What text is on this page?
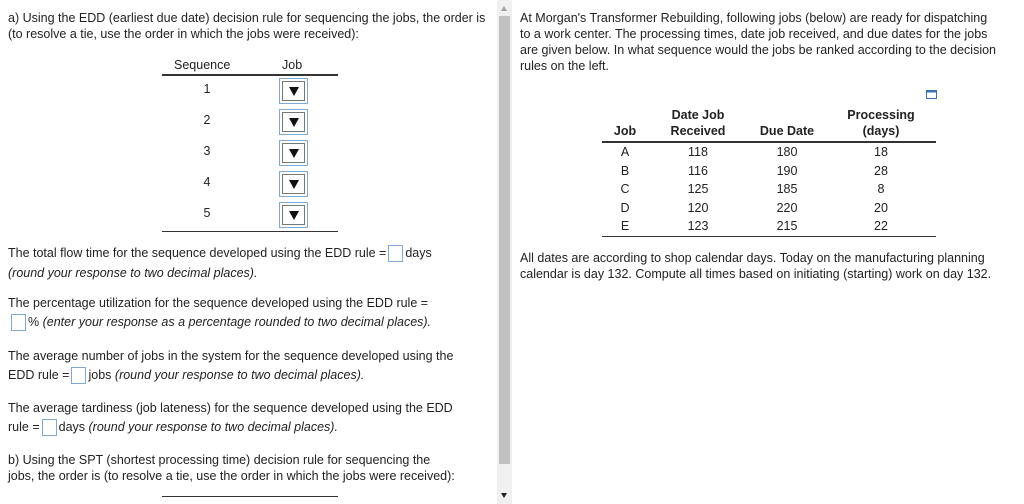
a) Using the EDD (earliest due date) decision rule for sequencing the jobs, the order is (to resolve a tie, use the order in which the jobs were received):

Sequence	Job
1
2
3
4
5

The total flow time for the sequence developed using the EDD rule = days

(round your response to two decimal places).

The percentage utilization for the sequence developed using the EDD rule =

% (enter your response as a percentage rounded to two decimal places).

The average number of jobs in the system for the sequence developed using the

EDD rule = jobs (round your response to two decimal places).

The average tardiness (job lateness) for the sequence developed using the EDD

rule = days (round your response to two decimal places).

b) Using the SPT (shortest processing time) decision rule for sequencing the

jobs, the order is (to resolve a tie, use the order in which the jobs were received):

At Morgan's Transformer Rebuilding, following jobs (below) are ready for dispatching to a work center. The processing times, date job received, and due dates for the jobs are given below. In what sequence would the jobs be ranked according to the decision rules on the left.

	Date Job		Processing
Job	Received	Due Date	(days)
A	118	180	18
B	116	190	28
C	125	185	8
D	120	220	20
E	123	215	22

All dates are according to shop calendar days. Today on the manufacturing planning calendar is day 132. Compute all times based on initiating (starting) work on day 132.
